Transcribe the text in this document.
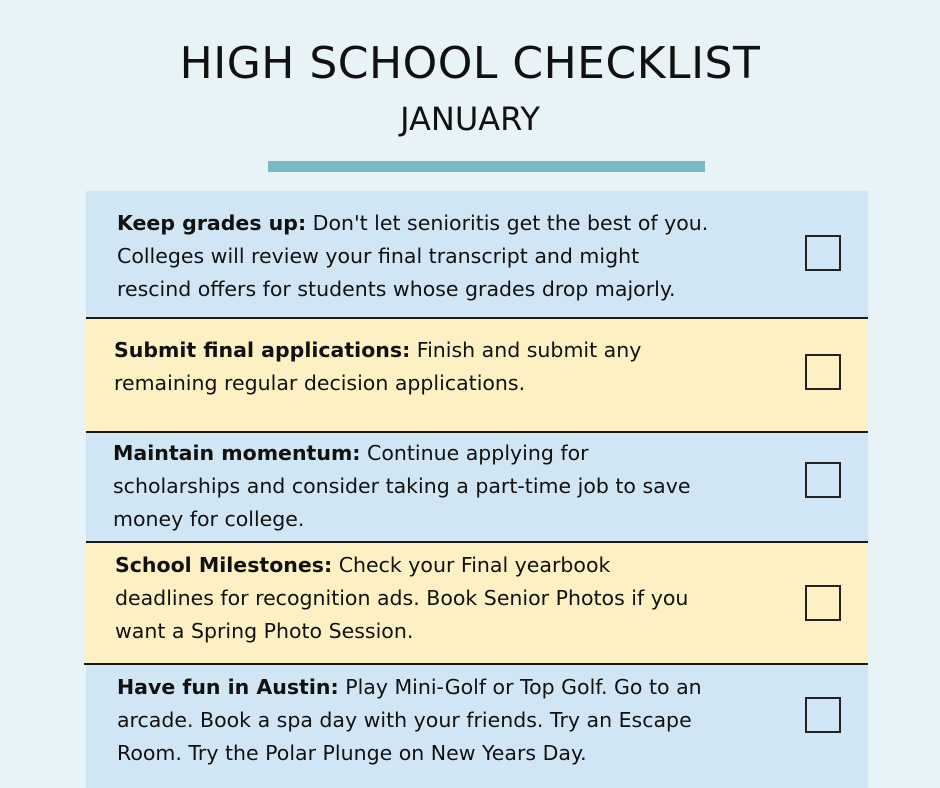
HIGH SCHOOL CHECKLIST
JANUARY

Keep grades up: Don't let senioritis get the best of you.
Colleges will review your final transcript and might
rescind offers for students whose grades drop majorly.

Submit final applications: Finish and submit any
remaining regular decision applications.

Maintain momentum: Continue applying for
scholarships and consider taking a part-time job to save
money for college.

School Milestones: Check your Final yearbook
deadlines for recognition ads. Book Senior Photos if you
want a Spring Photo Session.

Have fun in Austin: Play Mini-Golf or Top Golf. Go to an
arcade. Book a spa day with your friends. Try an Escape
Room. Try the Polar Plunge on New Years Day.
